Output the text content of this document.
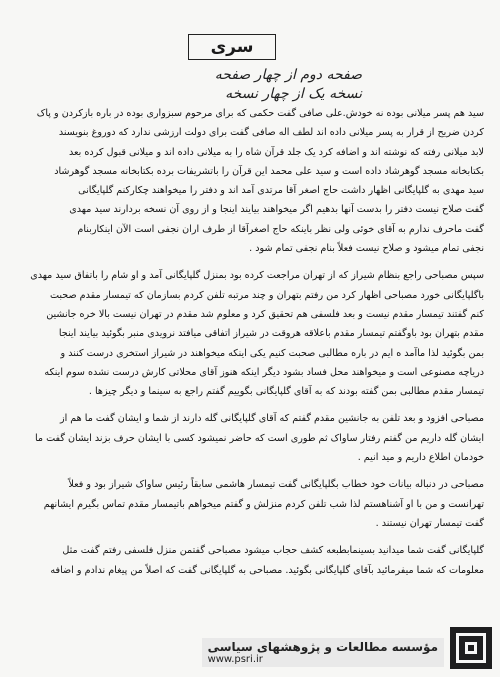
سری
صفحه دوم از چهار صفحه
نسخه یک از چهار نسخه
سید هم پسر میلانی بوده نه خودش.علی صافی گفت حکمی که برای مرحوم سبزواری بوده در باره بازکردن و پاک
کردن ضریح از قرار به پسر میلانی داده اند لطف اله صافی گفت برای دولت ارزشی ندارد که دوروغ بنویسند
لابد میلانی رفته که نوشته اند و اضافه کرد یک جلد قرآن شاه را به میلانی داده اند و میلانی قبول کرده بعد
بکتابخانه مسجد گوهرشاد داده است و سید علی محمد این قرآن را باتشریفات برده بکتابخانه مسجد گوهرشاد
سید مهدی به گلپایگانی اظهار داشت حاج اصغر آقا مرتدی آمد اند و دفتر را میخواهند چکارکنم گلپایگانی
گفت صلاح نیست دفتر را بدست آنها بدهیم اگر میخواهند بیایند اینجا و از روی آن نسخه بردارند سید مهدی
گفت ماحرف ندارم به آقای خوئی ولی نظر باینکه حاج اصغرآقا از طرف اران نجفی است الآن اینکاربنام
نجفی تمام میشود و صلاح نیست فعلاً بنام نجفی تمام شود .
سپس مصباحی راجع بنظام شیراز که از تهران مراجعت کرده بود بمنزل گلپایگانی آمد و او شام را باتفاق سید مهدی
باگلپایگانی خورد مصباحی اظهار کرد من رفتم بتهران و چند مرتبه تلفن کردم بسازمان که تیمسار مقدم صحبت
کنم گفتند تیمسار مقدم نیست و بعد فلسفی هم تحقیق کرد و معلوم شد مقدم در تهران نیست بالا خره جانشین
مقدم بتهران بود باوگفتم تیمسار مقدم باعلاقه هروقت در شیراز اتفاقی میافتد نرویدی منبر بگوئید بیایند اینجا
بمن بگوئید لذا ماآمد ه ایم در باره مطالبی صحبت کنیم یکی اینکه میخواهند در شیراز استخری درست کنند و
دریاچه مصنوعی است و میخواهند محل فساد بشود دیگر اینکه هنوز آقای محلاتی کارش درست نشده سوم اینکه
تیمسار مقدم مطالبی بمن گفته بودند که به آقای گلپایگانی بگوییم گفتم راجع به سینما و دیگر چیزها .
مصباحی افزود و بعد تلفن به جانشین مقدم گفتم که آقای گلپایگانی گله دارند از شما و ایشان گفت ما هم از
ایشان گله داریم من گفتم رفتار ساواک ثم طوری است که حاضر نمیشود کسی با ایشان حرف بزند ایشان گفت ما
خودمان اطلاع داریم و مید انیم .
مصباحی در دنباله بیانات خود خطاب بگلپایگانی گفت تیمسار هاشمی سابقاً رئیس ساواک شیراز بود و فعلاً
تهرانست و من با او آشناهستم لذا شب تلفن کردم منزلش و گفتم میخواهم باتیمسار مقدم تماس بگیرم ایشانهم
گفت تیمسار تهران نیستند .
گلپایگانی گفت شما میدانید بسینمابطبعه کشف حجاب میشود مصباحی گفتمن منزل فلسفی رفتم گفت مثل
معلومات که شما میفرمائید بآقای گلپایگانی بگوئید. مصباحی به گلپایگانی گفت که اصلاً من پیغام ندادم و اضافه
مؤسسه مطالعات و پژوهشهای سیاسی
www.psri.ir
